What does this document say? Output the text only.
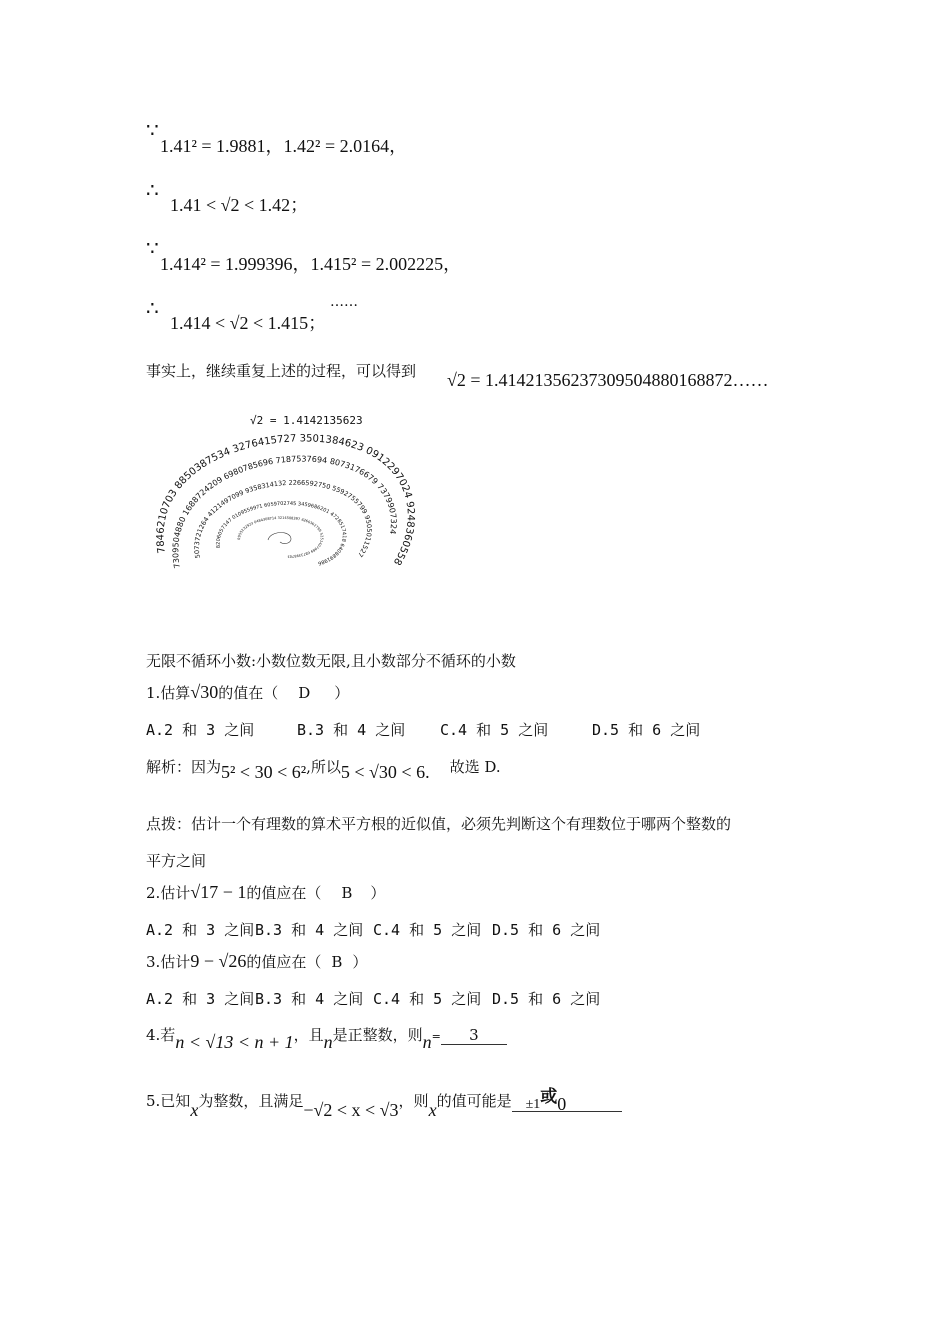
∵
1.41² = 1.9881，1.42² = 2.0164，
∴
1.41 < √2 < 1.42；
∵
1.414² = 1.999396，1.415² = 2.002225，
∴
1.414 < √2 < 1.415；
……
事实上，继续重复上述的过程，可以得到 √2 = 1.41421356237309504880168872……
√2 = 1.4142135623
7846210703 8850387534 3276415727 3501384623 0912297024 9248360558
7309504880 1688724209 6980785696 7187537694 8073176679 7379907324
5073721264 4121497099 9358314132 2266592750 5592755799 9505011527
8206057147 0109559971 6059702745 3459686201 4728517418 6408891986
0955232923 0484308714 3214508397 6260362799 5251407989 6873398703
无限不循环小数:小数位数无限,且小数部分不循环的小数
1.估算√30的值在（ D ）
A.2 和 3 之间	B.3 和 4 之间 C.4 和 5 之间	D.5 和 6 之间
解析：因为5² < 30 < 6²,所以5 < √30 < 6. 故选 D.
点拨：估计一个有理数的算术平方根的近似值，必须先判断这个有理数位于哪两个整数的
平方之间
2.估计√17 − 1的值应在（ B ）
A.2 和 3 之间 B.3 和 4 之间 C.4 和 5 之间 D.5 和 6 之间
3.估计9 − √26的值应在（ B ）
A.2 和 3 之间 B.3 和 4 之间 C.4 和 5 之间 D.5 和 6 之间
4.若n < √13 < n + 1，且n是正整数，则n= 3
5.已知x为整数，且满足−√2 < x < √3，则x的值可能是 ±1或0
